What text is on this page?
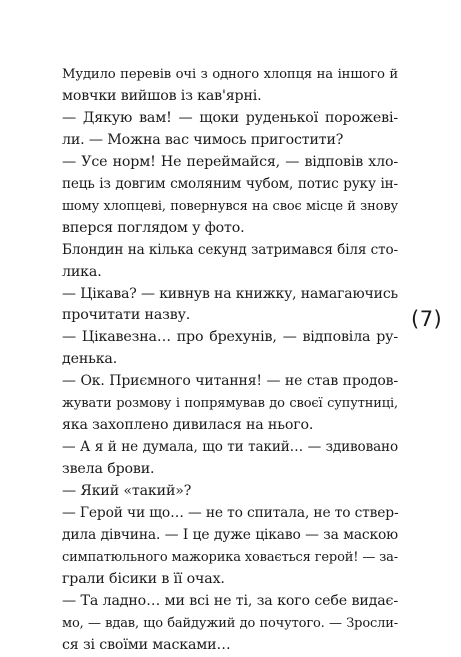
Мудило перевів очі з одного хлопця на іншого й
мовчки вийшов із кав'ярні.
— Дякую вам! — щоки руденької порожеві-
ли. — Можна вас чимось пригостити?
— Усе норм! Не переймайся, — відповів хло-
пець із довгим смоляним чубом, потис руку ін-
шому хлопцеві, повернувся на своє місце й знову
вперся поглядом у фото.
Блондин на кілька секунд затримався біля сто-
лика.
— Цікава? — кивнув на книжку, намагаючись
прочитати назву.
— Цікавезна… про брехунів, — відповіла ру-
денька.
— Ок. Приємного читання! — не став продов-
жувати розмову і попрямував до своєї супутниці,
яка захоплено дивилася на нього.
— А я й не думала, що ти такий… — здивовано
звела брови.
— Який «такий»?
— Герой чи що… — не то спитала, не то ствер-
дила дівчина. — І це дуже цікаво — за маскою
симпатюльного мажорика ховається герой! — за-
грали бісики в її очах.
— Та ладно… ми всі не ті, за кого себе видає-
мо, — вдав, що байдужий до почутого. — Зросли-
ся зі своїми масками…
(7)
